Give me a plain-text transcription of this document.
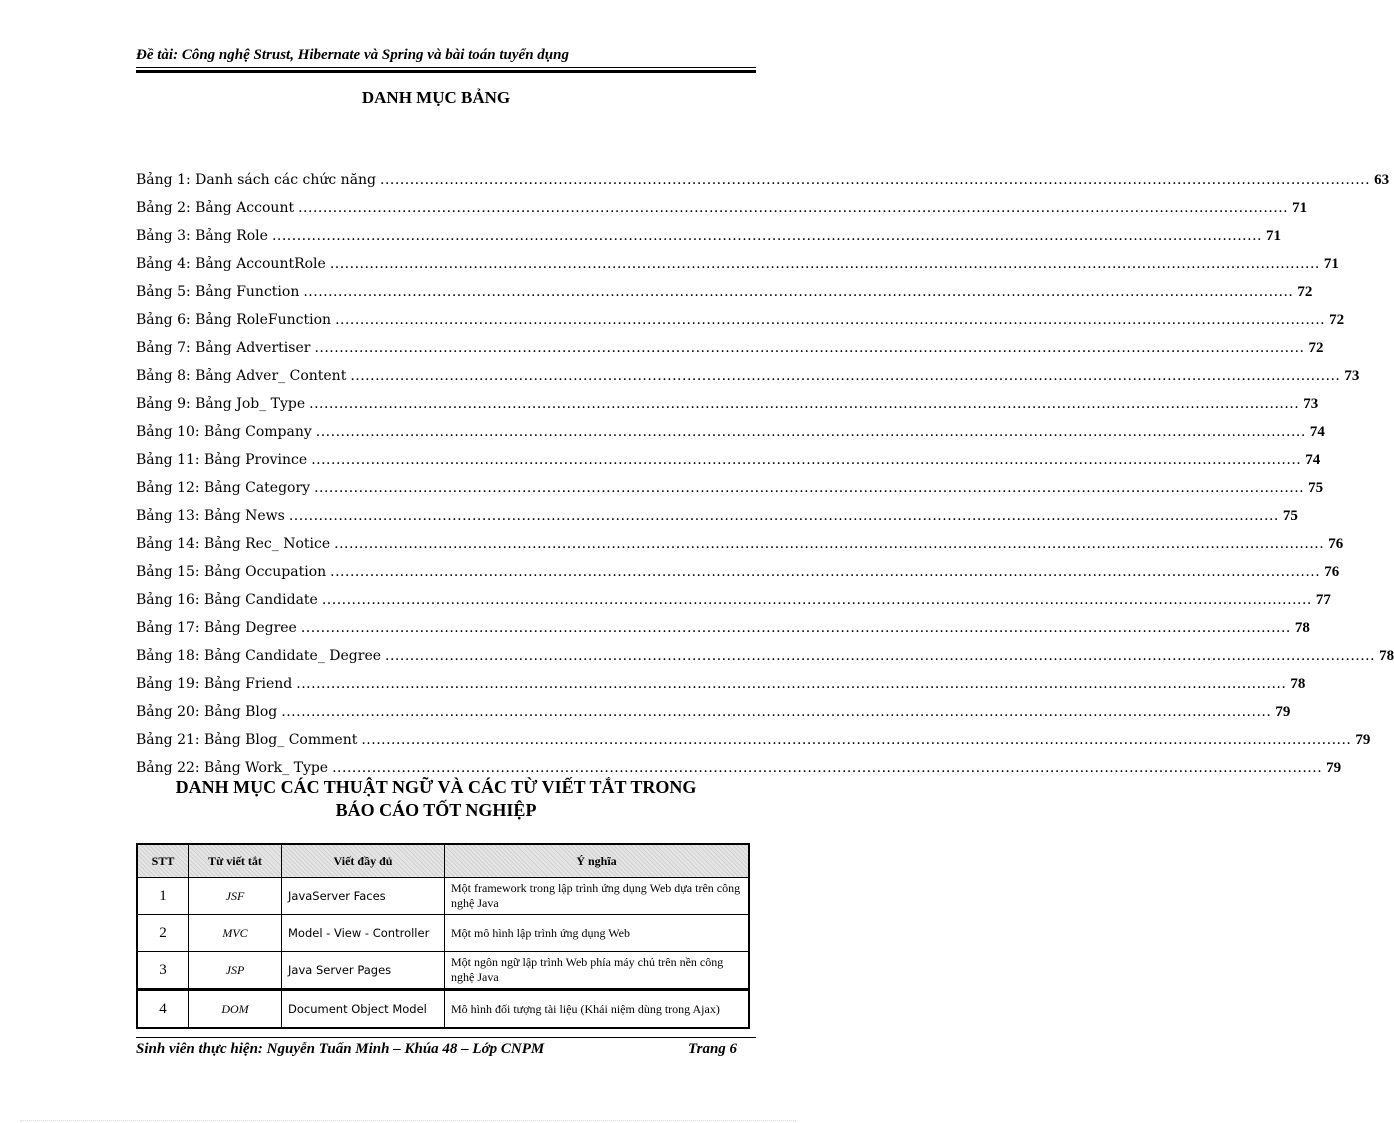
Đề tài: Công nghệ Strust, Hibernate và Spring và bài toán tuyển dụng
DANH MỤC BẢNG
Bảng 1: Danh sách các chức năng ........................................................................................................................................................................................................ 63
Bảng 2: Bảng Account ........................................................................................................................................................................................................ 71
Bảng 3: Bảng Role ........................................................................................................................................................................................................ 71
Bảng 4: Bảng AccountRole ........................................................................................................................................................................................................ 71
Bảng 5: Bảng Function ........................................................................................................................................................................................................ 72
Bảng 6: Bảng RoleFunction ........................................................................................................................................................................................................ 72
Bảng 7: Bảng Advertiser ........................................................................................................................................................................................................ 72
Bảng 8: Bảng Adver_ Content ........................................................................................................................................................................................................ 73
Bảng 9: Bảng Job_ Type ........................................................................................................................................................................................................ 73
Bảng 10: Bảng Company ........................................................................................................................................................................................................ 74
Bảng 11: Bảng Province ........................................................................................................................................................................................................ 74
Bảng 12: Bảng Category ........................................................................................................................................................................................................ 75
Bảng 13: Bảng News ........................................................................................................................................................................................................ 75
Bảng 14: Bảng Rec_ Notice ........................................................................................................................................................................................................ 76
Bảng 15: Bảng Occupation ........................................................................................................................................................................................................ 76
Bảng 16: Bảng Candidate ........................................................................................................................................................................................................ 77
Bảng 17: Bảng Degree ........................................................................................................................................................................................................ 78
Bảng 18: Bảng Candidate_ Degree ........................................................................................................................................................................................................ 78
Bảng 19: Bảng Friend ........................................................................................................................................................................................................ 78
Bảng 20: Bảng Blog ........................................................................................................................................................................................................ 79
Bảng 21: Bảng Blog_ Comment ........................................................................................................................................................................................................ 79
Bảng 22: Bảng Work_ Type ........................................................................................................................................................................................................ 79
DANH MỤC CÁC THUẬT NGỮ VÀ CÁC TỪ VIẾT TẮT TRONG
BÁO CÁO TỐT NGHIỆP
STT	Từ viết tắt	Viết đầy đủ	Ý nghĩa
1	JSF	JavaServer Faces	Một framework trong lập trình ứng dụng Web dựa trên công nghệ Java
2	MVC	Model - View - Controller	Một mô hình lập trình ứng dụng Web
3	JSP	Java Server Pages	Một ngôn ngữ lập trình Web phía máy chủ trên nền công nghệ Java
4	DOM	Document Object Model	Mô hình đối tượng tài liệu (Khái niệm dùng trong Ajax)
Sinh viên thực hiện: Nguyễn Tuấn Minh – Khúa 48 – Lớp CNPM	Trang 6
